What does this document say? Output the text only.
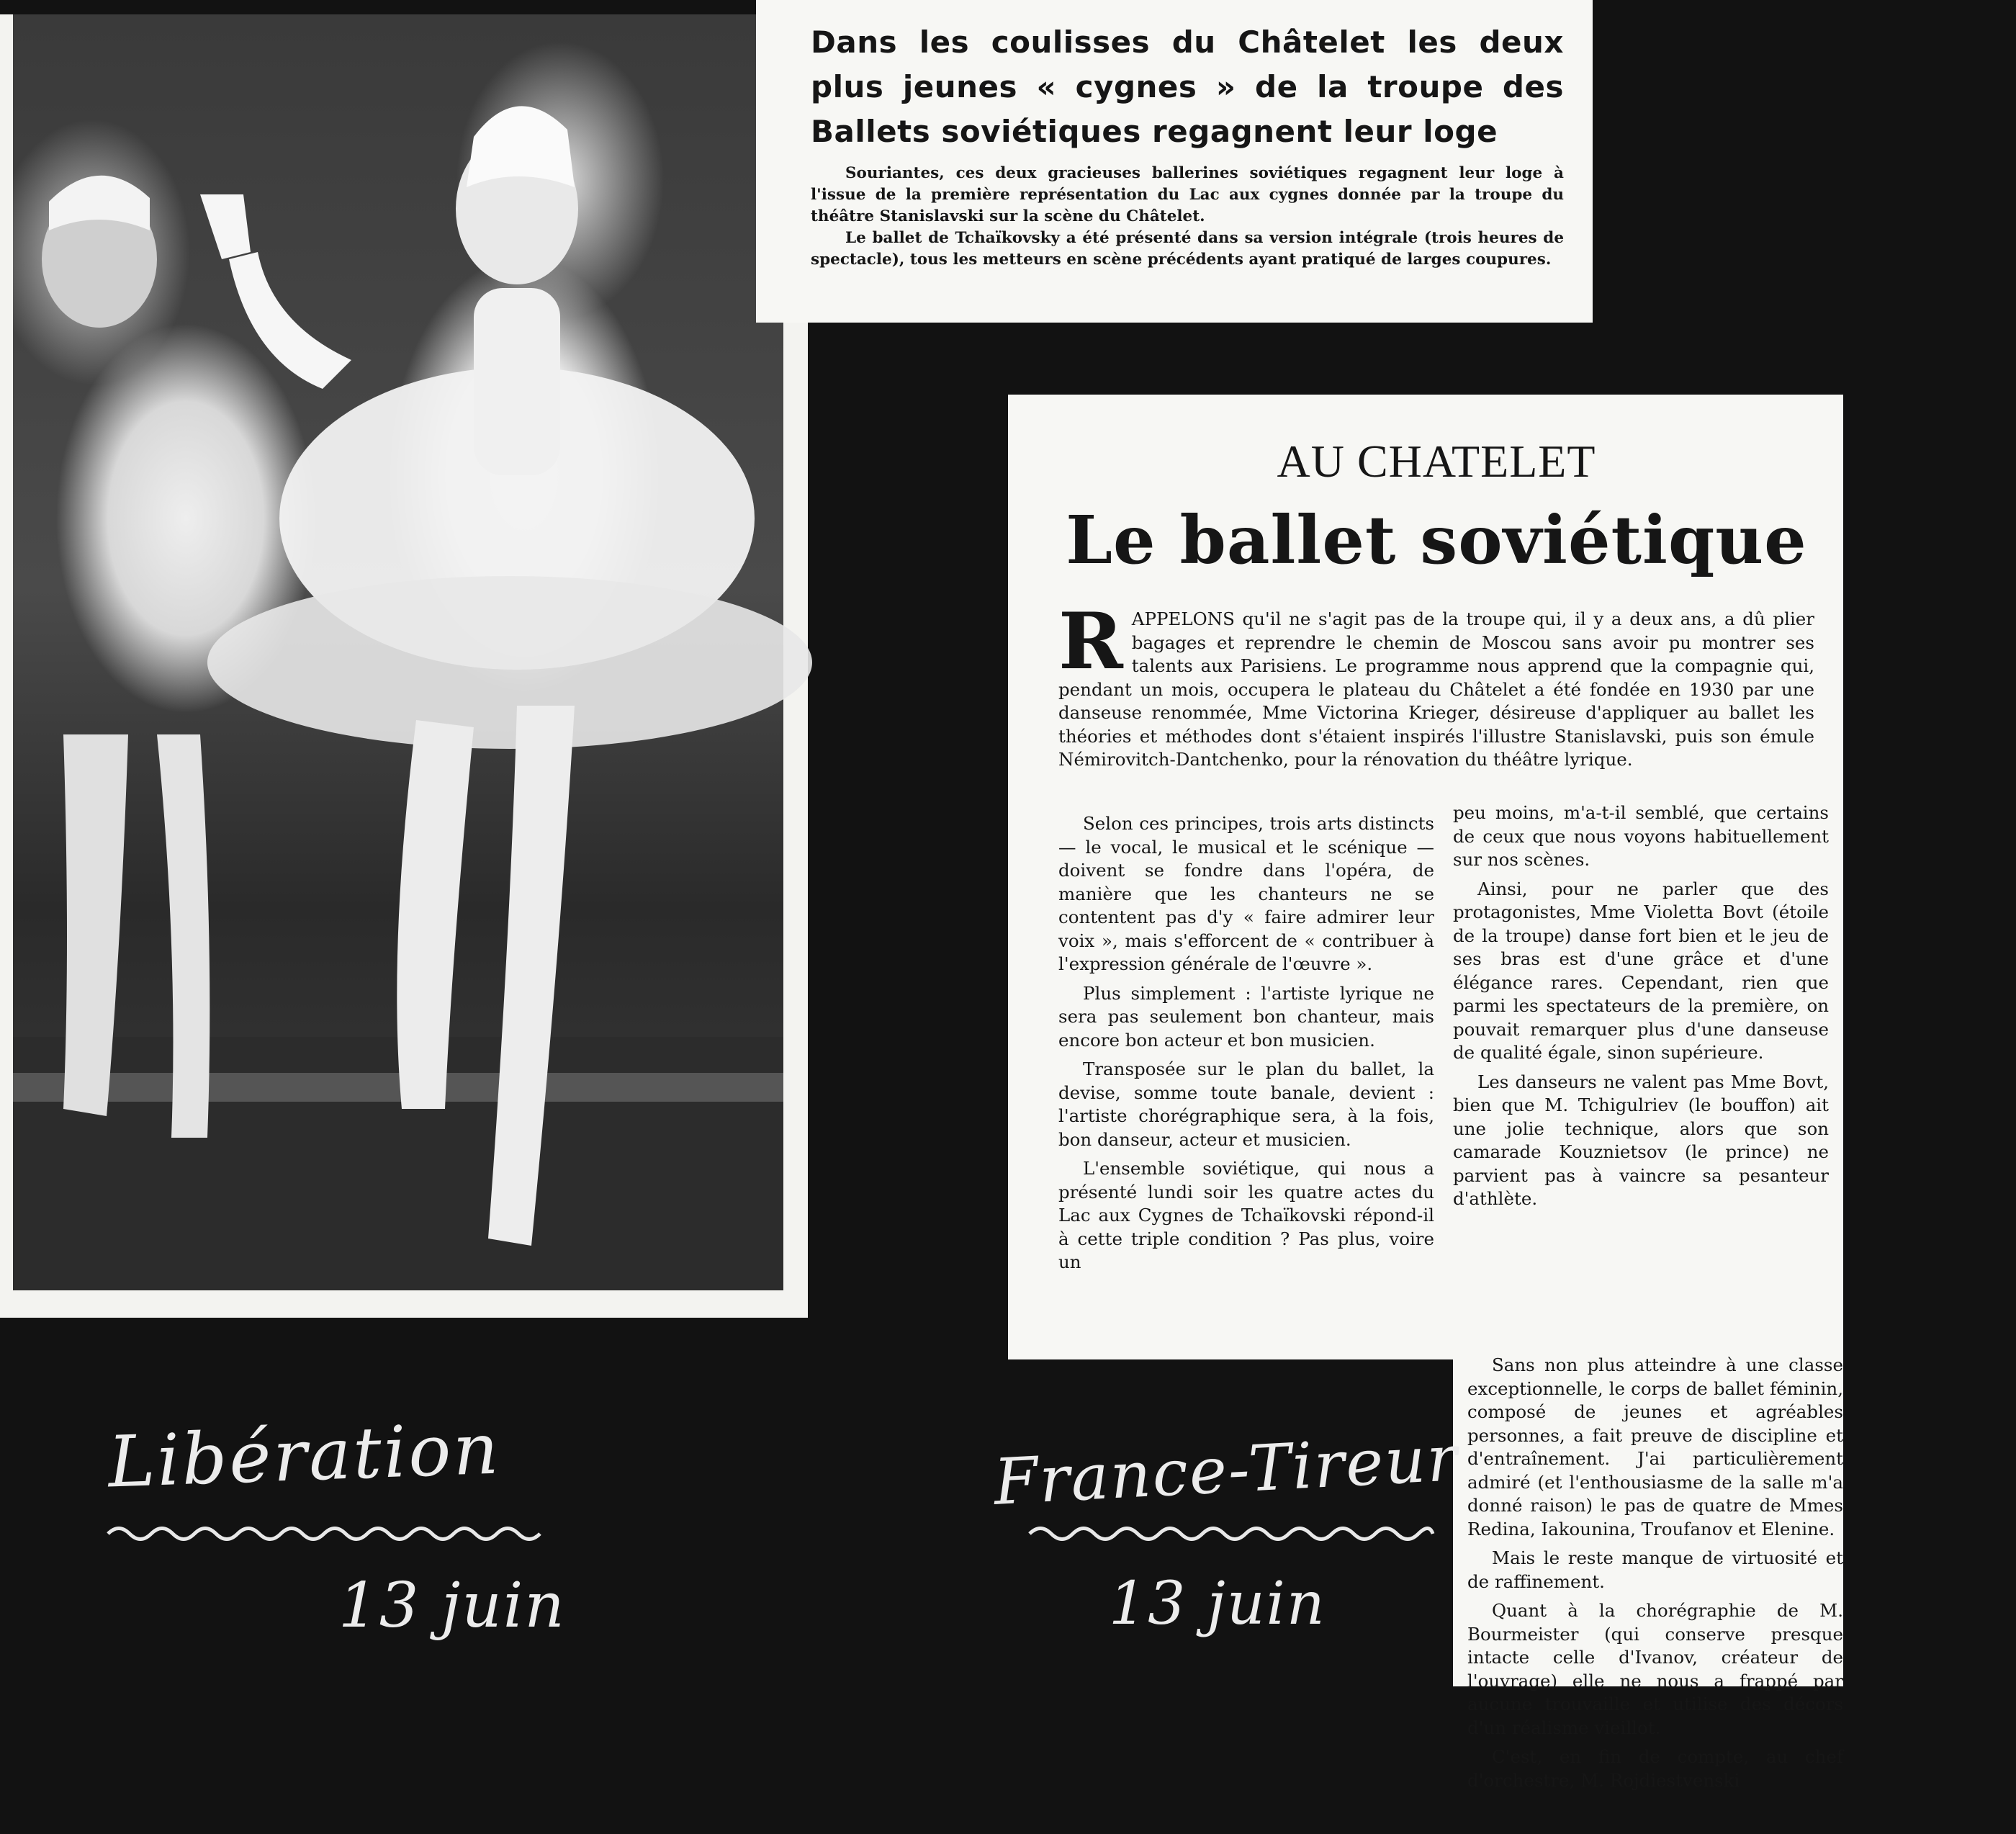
Dans les coulisses du Châtelet les deux plus jeunes « cygnes » de la troupe des Ballets soviétiques regagnent leur loge

Souriantes, ces deux gracieuses ballerines soviétiques regagnent leur loge à l'issue de la première représentation du Lac aux cygnes donnée par la troupe du théâtre Stanislavski sur la scène du Châtelet.

Le ballet de Tchaïkovsky a été présenté dans sa version intégrale (trois heures de spectacle), tous les metteurs en scène précédents ayant pratiqué de larges coupures.

AU CHATELET
Le ballet soviétique

R APPELONS qu'il ne s'agit pas de la troupe qui, il y a deux ans, a dû plier bagages et reprendre le chemin de Moscou sans avoir pu montrer ses talents aux Parisiens. Le programme nous apprend que la compagnie qui, pendant un mois, occupera le plateau du Châtelet a été fondée en 1930 par une danseuse renommée, Mme Victorina Krieger, désireuse d'appliquer au ballet les théories et méthodes dont s'étaient inspirés l'illustre Stanislavski, puis son émule Némirovitch-Dantchenko, pour la rénovation du théâtre lyrique.

Selon ces principes, trois arts distincts — le vocal, le musical et le scénique — doivent se fondre dans l'opéra, de manière que les chanteurs ne se contentent pas d'y « faire admirer leur voix », mais s'efforcent de « contribuer à l'expression générale de l'œuvre ».

Plus simplement : l'artiste lyrique ne sera pas seulement bon chanteur, mais encore bon acteur et bon musicien.

Transposée sur le plan du ballet, la devise, somme toute banale, devient : l'artiste chorégraphique sera, à la fois, bon danseur, acteur et musicien.

L'ensemble soviétique, qui nous a présenté lundi soir les quatre actes du Lac aux Cygnes de Tchaïkovski répond-il à cette triple condition ? Pas plus, voire un

peu moins, m'a-t-il semblé, que certains de ceux que nous voyons habituellement sur nos scènes.

Ainsi, pour ne parler que des protagonistes, Mme Violetta Bovt (étoile de la troupe) danse fort bien et le jeu de ses bras est d'une grâce et d'une élégance rares. Cependant, rien que parmi les spectateurs de la première, on pouvait remarquer plus d'une danseuse de qualité égale, sinon supérieure.

Les danseurs ne valent pas Mme Bovt, bien que M. Tchigulriev (le bouffon) ait une jolie technique, alors que son camarade Kouznietsov (le prince) ne parvient pas à vaincre sa pesanteur d'athlète.

Sans non plus atteindre à une classe exceptionnelle, le corps de ballet féminin, composé de jeunes et agréables personnes, a fait preuve de discipline et d'entraînement. J'ai particulièrement admiré (et l'enthousiasme de la salle m'a donné raison) le pas de quatre de Mmes Redina, Iakounina, Troufanov et Elenine.

Mais le reste manque de virtuosité et de raffinement.

Quant à la chorégraphie de M. Bourmeister (qui conserve presque intacte celle d'Ivanov, créateur de l'ouvrage) elle ne nous a frappé par aucune trouvaille et utilise des décors d'un réalisme vieillot.

C'est, en fin de compte, au chef d'orchestre, M. Rojdiestvenski

Libération
13 juin
France-Tireur
13 juin
